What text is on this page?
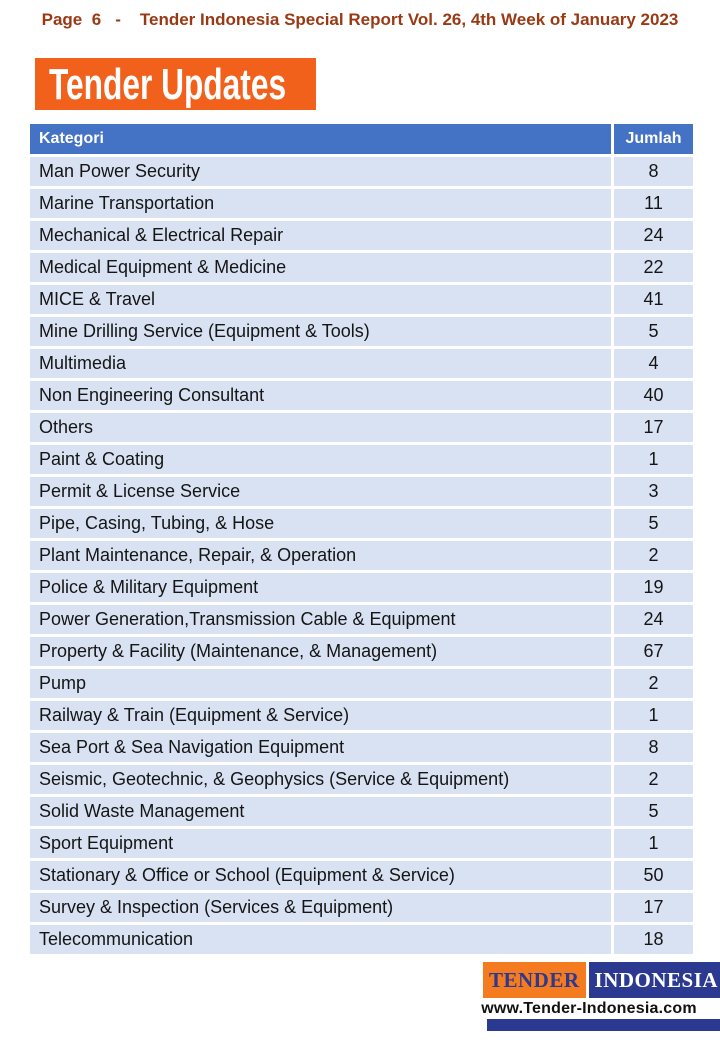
Page  6   -    Tender Indonesia Special Report Vol. 26, 4th Week of January 2023
Tender Updates
Kategori	Jumlah
Man Power Security	8
Marine Transportation	11
Mechanical & Electrical Repair	24
Medical Equipment & Medicine	22
MICE & Travel	41
Mine Drilling Service (Equipment & Tools)	5
Multimedia	4
Non Engineering Consultant	40
Others	17
Paint & Coating	1
Permit & License Service	3
Pipe, Casing, Tubing, & Hose	5
Plant Maintenance, Repair, & Operation	2
Police & Military Equipment	19
Power Generation,Transmission Cable & Equipment	24
Property & Facility (Maintenance, & Management)	67
Pump	2
Railway & Train (Equipment & Service)	1
Sea Port & Sea Navigation Equipment	8
Seismic, Geotechnic, & Geophysics (Service & Equipment)	2
Solid Waste Management	5
Sport Equipment	1
Stationary & Office or School (Equipment & Service)	50
Survey & Inspection (Services & Equipment)	17
Telecommunication	18
TENDER INDONESIA
www.Tender-Indonesia.com
